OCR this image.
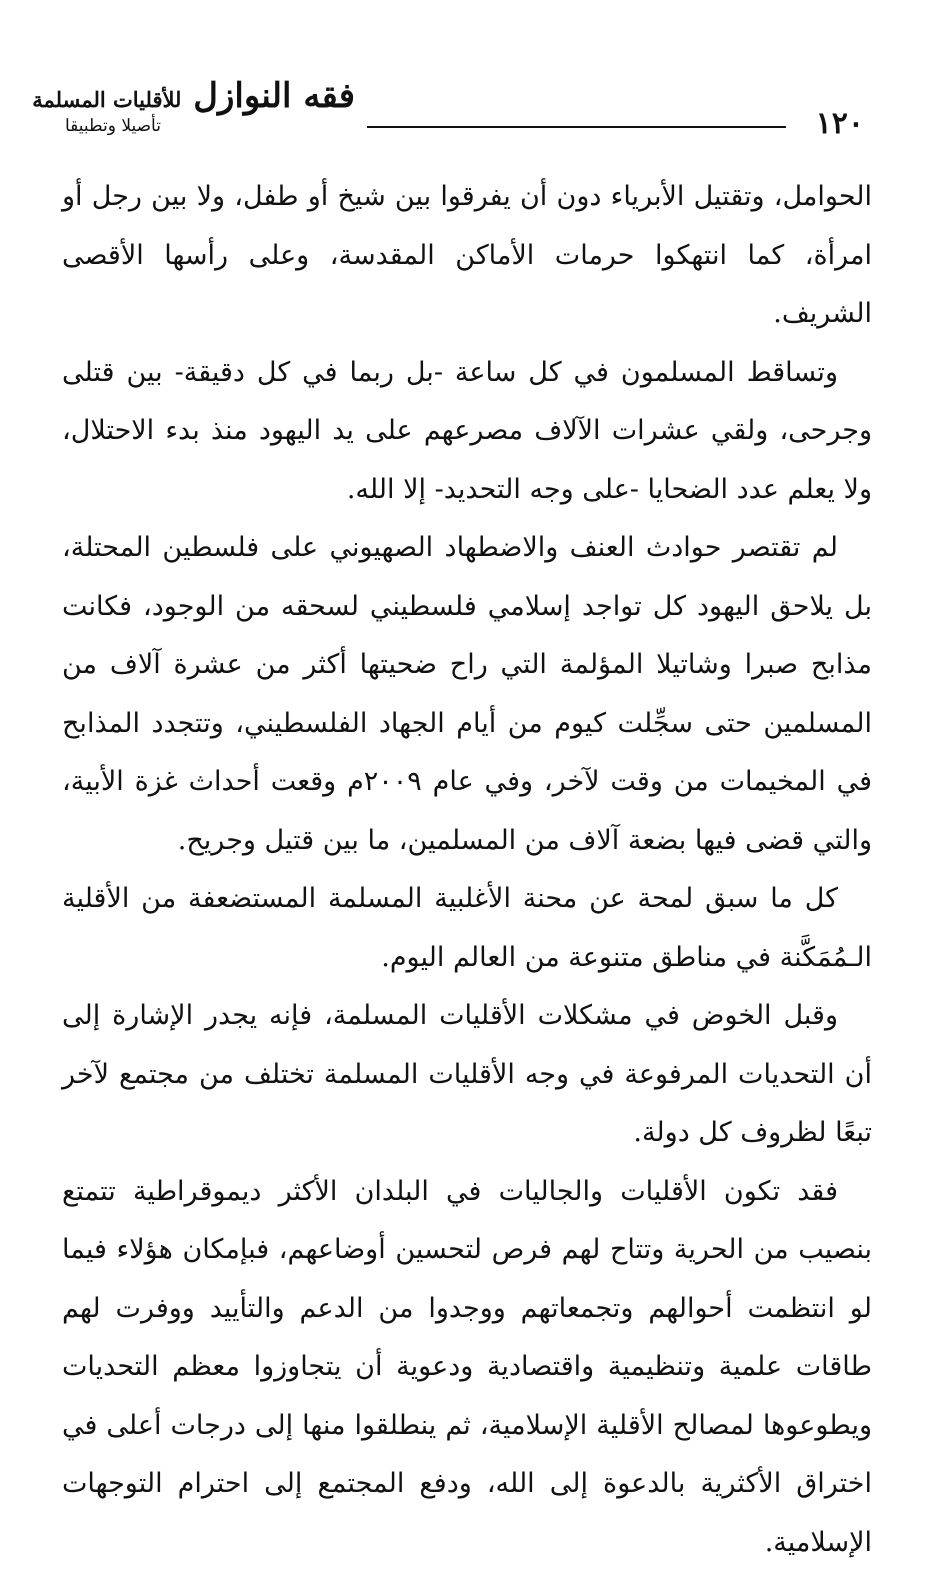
فقه النوازل للأقليات المسلمة
تأصيلا وتطبيقا	١٢٠

الحوامل، وتقتيل الأبرياء دون أن يفرقوا بين شيخ أو طفل، ولا بين رجل أو امرأة، كما انتهكوا حرمات الأماكن المقدسة، وعلى رأسها الأقصى الشريف.

وتساقط المسلمون في كل ساعة -بل ربما في كل دقيقة- بين قتلى وجرحى، ولقي عشرات الآلاف مصرعهم على يد اليهود منذ بدء الاحتلال، ولا يعلم عدد الضحايا -على وجه التحديد- إلا الله.

لم تقتصر حوادث العنف والاضطهاد الصهيوني على فلسطين المحتلة، بل يلاحق اليهود كل تواجد إسلامي فلسطيني لسحقه من الوجود، فكانت مذابح صبرا وشاتيلا المؤلمة التي راح ضحيتها أكثر من عشرة آلاف من المسلمين حتى سجِّلت كيوم من أيام الجهاد الفلسطيني، وتتجدد المذابح في المخيمات من وقت لآخر، وفي عام ٢٠٠٩م وقعت أحداث غزة الأبية، والتي قضى فيها بضعة آلاف من المسلمين، ما بين قتيل وجريح.

كل ما سبق لمحة عن محنة الأغلبية المسلمة المستضعفة من الأقلية الـمُمَكَّنة في مناطق متنوعة من العالم اليوم.

وقبل الخوض في مشكلات الأقليات المسلمة، فإنه يجدر الإشارة إلى أن التحديات المرفوعة في وجه الأقليات المسلمة تختلف من مجتمع لآخر تبعًا لظروف كل دولة.

فقد تكون الأقليات والجاليات في البلدان الأكثر ديموقراطية تتمتع بنصيب من الحرية وتتاح لهم فرص لتحسين أوضاعهم، فبإمكان هؤلاء فيما لو انتظمت أحوالهم وتجمعاتهم ووجدوا من الدعم والتأييد ووفرت لهم طاقات علمية وتنظيمية واقتصادية ودعوية أن يتجاوزوا معظم التحديات ويطوعوها لمصالح الأقلية الإسلامية، ثم ينطلقوا منها إلى درجات أعلى في اختراق الأكثرية بالدعوة إلى الله، ودفع المجتمع إلى احترام التوجهات الإسلامية.
